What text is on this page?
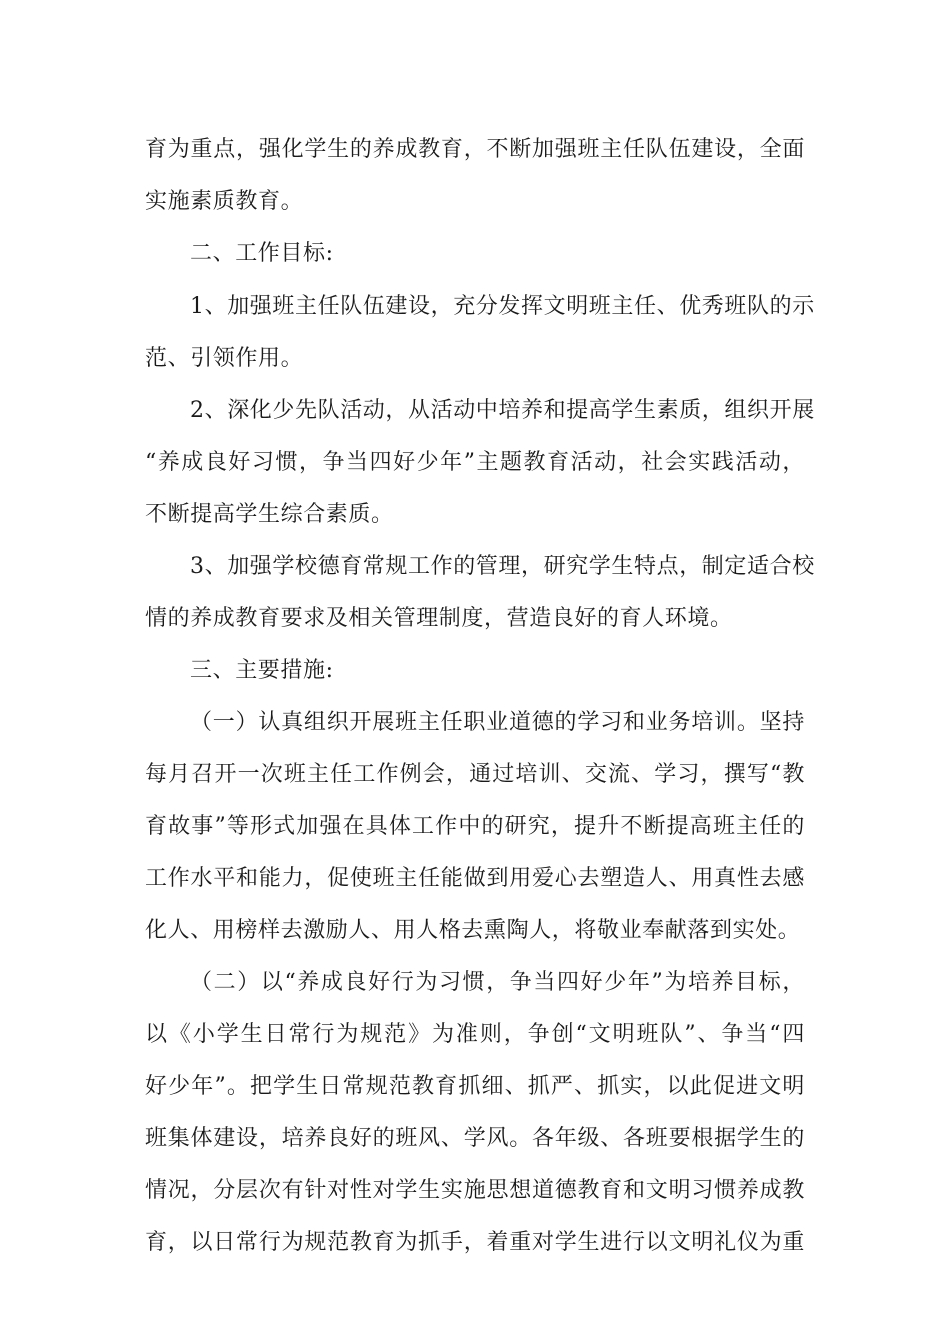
育为重点，强化学生的养成教育，不断加强班主任队伍建设，全面
实施素质教育。
二、工作目标:
1、加强班主任队伍建设，充分发挥文明班主任、优秀班队的示
范、引领作用。
2、深化少先队活动，从活动中培养和提高学生素质，组织开展
“养成良好习惯，争当四好少年”主题教育活动，社会实践活动，
不断提高学生综合素质。
3、加强学校德育常规工作的管理，研究学生特点，制定适合校
情的养成教育要求及相关管理制度，营造良好的育人环境。
三、主要措施:
（一）认真组织开展班主任职业道德的学习和业务培训。坚持
每月召开一次班主任工作例会，通过培训、交流、学习，撰写“教
育故事”等形式加强在具体工作中的研究，提升不断提高班主任的
工作水平和能力，促使班主任能做到用爱心去塑造人、用真性去感
化人、用榜样去激励人、用人格去熏陶人，将敬业奉献落到实处。
（二）以“养成良好行为习惯，争当四好少年”为培养目标，
以《小学生日常行为规范》为准则，争创“文明班队”、争当“四
好少年”。把学生日常规范教育抓细、抓严、抓实，以此促进文明
班集体建设，培养良好的班风、学风。各年级、各班要根据学生的
情况，分层次有针对性对学生实施思想道德教育和文明习惯养成教
育，以日常行为规范教育为抓手，着重对学生进行以文明礼仪为重
